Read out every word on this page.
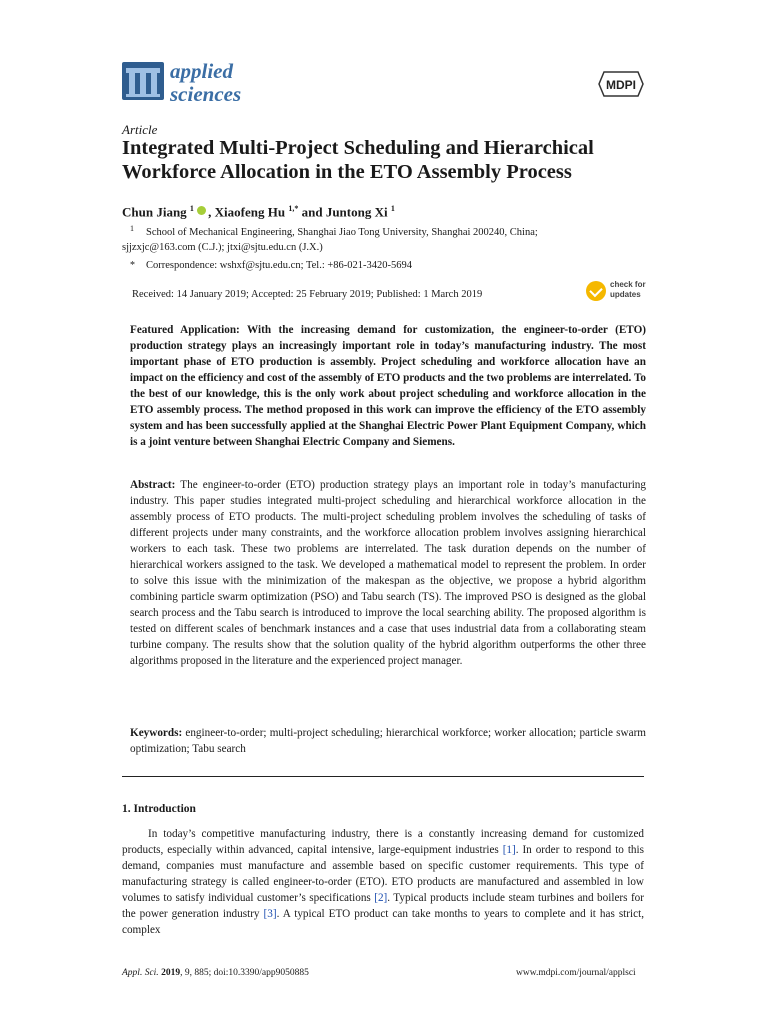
applied
sciences	MDPI
Article
Integrated Multi-Project Scheduling and Hierarchical Workforce Allocation in the ETO Assembly Process
Chun Jiang $^1$ , Xiaofeng Hu $^{1,*}$ and Juntong Xi $^1$
1 School of Mechanical Engineering, Shanghai Jiao Tong University, Shanghai 200240, China;
sjjzxjc@163.com (C.J.); jtxi@sjtu.edu.cn (J.X.)
* Correspondence: wshxf@sjtu.edu.cn; Tel.: +86-021-3420-5694
Received: 14 January 2019; Accepted: 25 February 2019; Published: 1 March 2019
check for
updates
Featured Application: With the increasing demand for customization, the engineer-to-order (ETO) production strategy plays an increasingly important role in today’s manufacturing industry. The most important phase of ETO production is assembly. Project scheduling and workforce allocation have an impact on the efficiency and cost of the assembly of ETO products and the two problems are interrelated. To the best of our knowledge, this is the only work about project scheduling and workforce allocation in the ETO assembly process. The method proposed in this work can improve the efficiency of the ETO assembly system and has been successfully applied at the Shanghai Electric Power Plant Equipment Company, which is a joint venture between Shanghai Electric Company and Siemens.
Abstract: The engineer-to-order (ETO) production strategy plays an important role in today’s manufacturing industry. This paper studies integrated multi-project scheduling and hierarchical workforce allocation in the assembly process of ETO products. The multi-project scheduling problem involves the scheduling of tasks of different projects under many constraints, and the workforce allocation problem involves assigning hierarchical workers to each task. These two problems are interrelated. The task duration depends on the number of hierarchical workers assigned to the task. We developed a mathematical model to represent the problem. In order to solve this issue with the minimization of the makespan as the objective, we propose a hybrid algorithm combining particle swarm optimization (PSO) and Tabu search (TS). The improved PSO is designed as the global search process and the Tabu search is introduced to improve the local searching ability. The proposed algorithm is tested on different scales of benchmark instances and a case that uses industrial data from a collaborating steam turbine company. The results show that the solution quality of the hybrid algorithm outperforms the other three algorithms proposed in the literature and the experienced project manager.
Keywords: engineer-to-order; multi-project scheduling; hierarchical workforce; worker allocation; particle swarm optimization; Tabu search
1. Introduction
In today’s competitive manufacturing industry, there is a constantly increasing demand for customized products, especially within advanced, capital intensive, large-equipment industries [1]. In order to respond to this demand, companies must manufacture and assemble based on specific customer requirements. This type of manufacturing strategy is called engineer-to-order (ETO). ETO products are manufactured and assembled in low volumes to satisfy individual customer’s specifications [2]. Typical products include steam turbines and boilers for the power generation industry [3]. A typical ETO product can take months to years to complete and it has strict, complex
Appl. Sci. 2019, 9, 885; doi:10.3390/app9050885	www.mdpi.com/journal/applsci
